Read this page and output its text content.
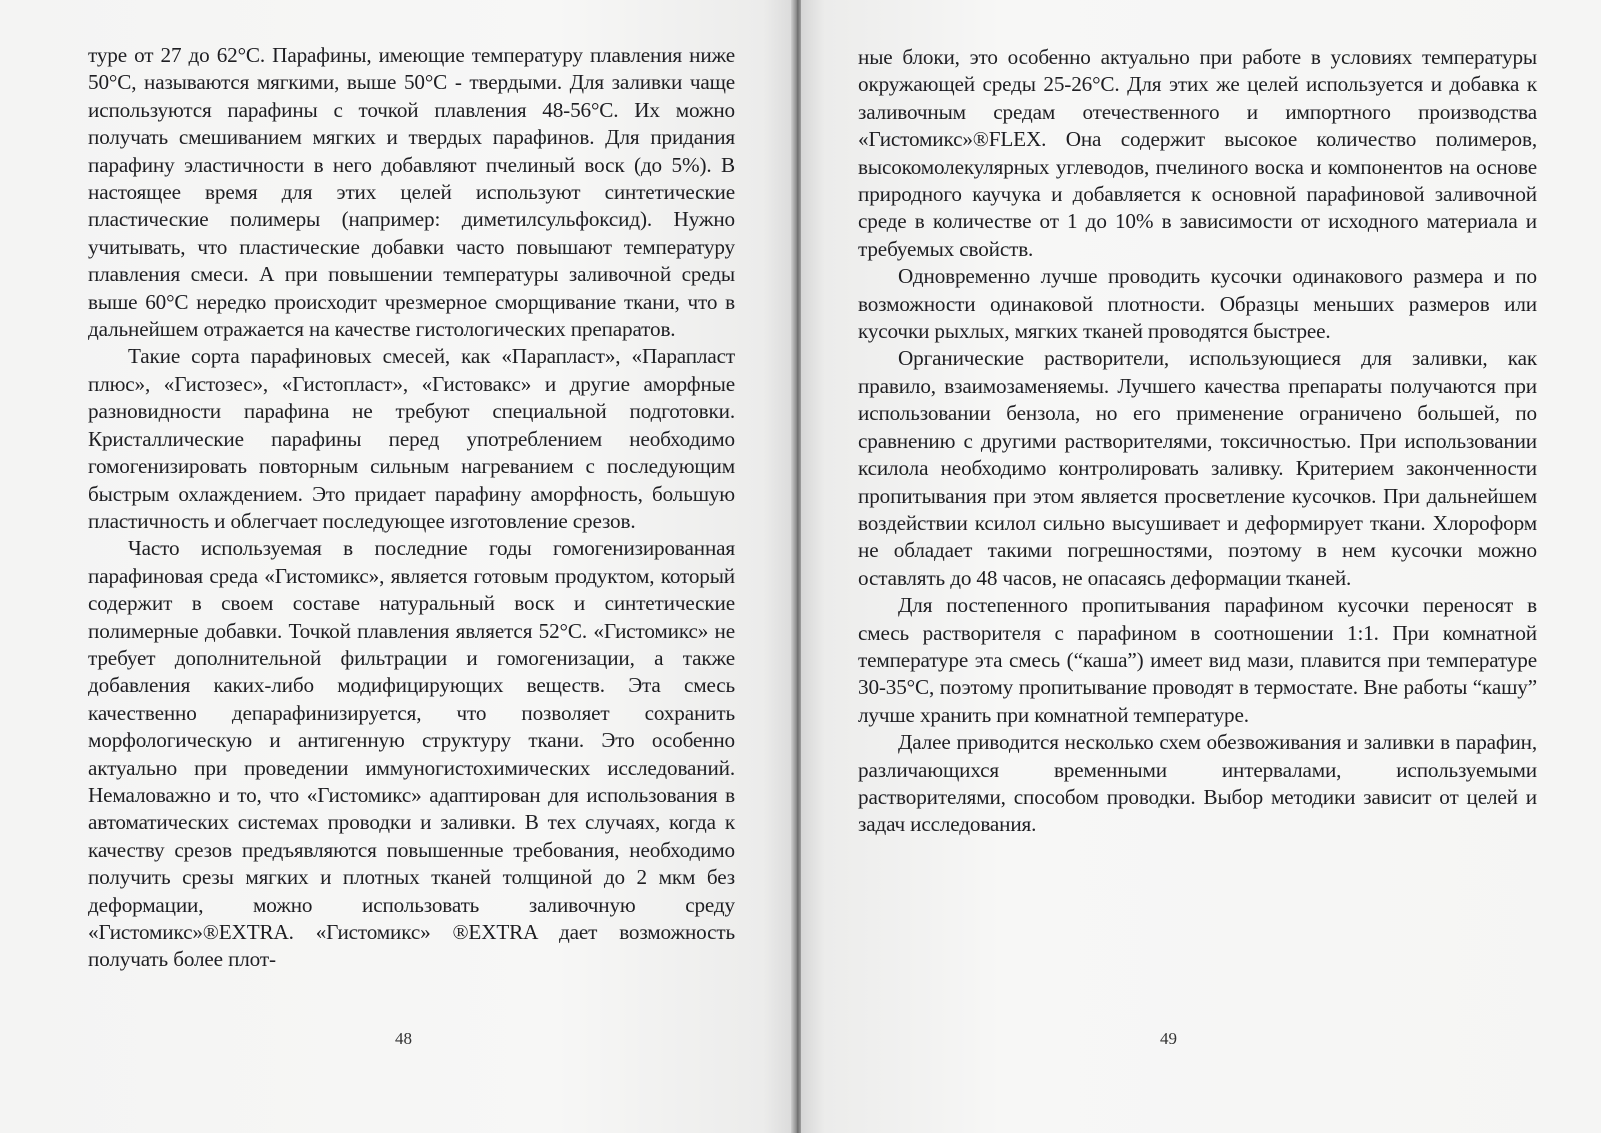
туре от 27 до 62°С. Парафины, имеющие температуру плавления ниже 50°С, называются мягкими, выше 50°С - твердыми. Для заливки чаще используются парафины с точкой плавления 48-56°С. Их можно получать смешиванием мягких и твердых парафинов. Для придания парафину эластичности в него добавляют пчелиный воск (до 5%). В настоящее время для этих целей используют синтетические пластические полимеры (например: диметилсульфоксид). Нужно учитывать, что пластические добавки часто повышают температуру плавления смеси. А при повышении температуры заливочной среды выше 60°С нередко происходит чрезмерное сморщивание ткани, что в дальнейшем отражается на качестве гистологических препаратов.

Такие сорта парафиновых смесей, как «Парапласт», «Парапласт плюс», «Гистозес», «Гистопласт», «Гистовакс» и другие аморфные разновидности парафина не требуют специальной подготовки. Кристаллические парафины перед употреблением необходимо гомогенизировать повторным сильным нагреванием с последующим быстрым охлаждением. Это придает парафину аморфность, большую пластичность и облегчает последующее изготовление срезов.

Часто используемая в последние годы гомогенизированная парафиновая среда «Гистомикс», является готовым продуктом, который содержит в своем составе натуральный воск и синтетические полимерные добавки. Точкой плавления является 52°С. «Гистомикс» не требует дополнительной фильтрации и гомогенизации, а также добавления каких-либо модифицирующих веществ. Эта смесь качественно депарафинизируется, что позволяет сохранить морфологическую и антигенную структуру ткани. Это особенно актуально при проведении иммуногистохимических исследований. Немаловажно и то, что «Гистомикс» адаптирован для использования в автоматических системах проводки и заливки. В тех случаях, когда к качеству срезов предъявляются повышенные требования, необходимо получить срезы мягких и плотных тканей толщиной до 2 мкм без деформации, можно использовать заливочную среду «Гистомикс»®EXTRA. «Гистомикс» ®EXTRA дает возможность получать более плот-

ные блоки, это особенно актуально при работе в условиях температуры окружающей среды 25-26°С. Для этих же целей используется и добавка к заливочным средам отечественного и импортного производства «Гистомикс»®FLEX. Она содержит высокое количество полимеров, высокомолекулярных углеводов, пчелиного воска и компонентов на основе природного каучука и добавляется к основной парафиновой заливочной среде в количестве от 1 до 10% в зависимости от исходного материала и требуемых свойств.

Одновременно лучше проводить кусочки одинакового размера и по возможности одинаковой плотности. Образцы меньших размеров или кусочки рыхлых, мягких тканей проводятся быстрее.

Органические растворители, использующиеся для заливки, как правило, взаимозаменяемы. Лучшего качества препараты получаются при использовании бензола, но его применение ограничено большей, по сравнению с другими растворителями, токсичностью. При использовании ксилола необходимо контролировать заливку. Критерием законченности пропитывания при этом является просветление кусочков. При дальнейшем воздействии ксилол сильно высушивает и деформирует ткани. Хлороформ не обладает такими погрешностями, поэтому в нем кусочки можно оставлять до 48 часов, не опасаясь деформации тканей.

Для постепенного пропитывания парафином кусочки переносят в смесь растворителя с парафином в соотношении 1:1. При комнатной температуре эта смесь (“каша”) имеет вид мази, плавится при температуре 30-35°С, поэтому пропитывание проводят в термостате. Вне работы “кашу” лучше хранить при комнатной температуре.

Далее приводится несколько схем обезвоживания и заливки в парафин, различающихся временными интервалами, используемыми растворителями, способом проводки. Выбор методики зависит от целей и задач исследования.

48	49
